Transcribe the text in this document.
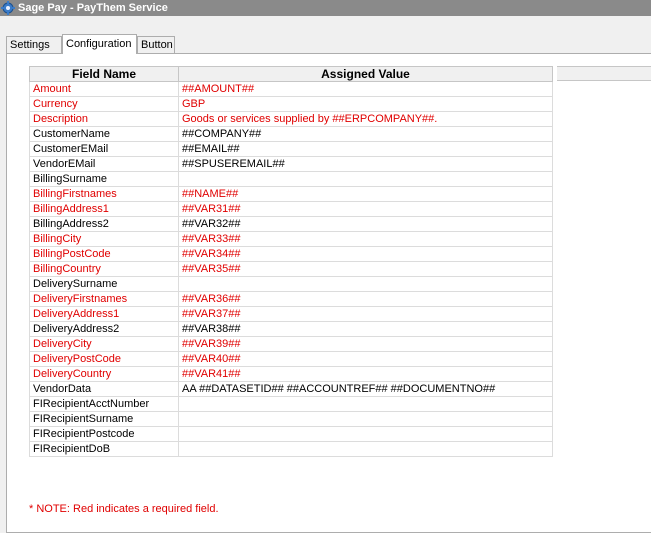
Sage Pay - PayThem Service
Settings	Configuration Button
Field Name	Assigned Value
Amount	##AMOUNT##
Currency	GBP
Description	Goods or services supplied by ##ERPCOMPANY##.
CustomerName	##COMPANY##
CustomerEMail	##EMAIL##
VendorEMail	##SPUSEREMAIL##
BillingSurname	
BillingFirstnames	##NAME##
BillingAddress1	##VAR31##
BillingAddress2	##VAR32##
BillingCity	##VAR33##
BillingPostCode	##VAR34##
BillingCountry	##VAR35##
DeliverySurname	
DeliveryFirstnames	##VAR36##
DeliveryAddress1	##VAR37##
DeliveryAddress2	##VAR38##
DeliveryCity	##VAR39##
DeliveryPostCode	##VAR40##
DeliveryCountry	##VAR41##
VendorData	AA ##DATASETID## ##ACCOUNTREF## ##DOCUMENTNO##
FIRecipientAcctNumber	
FIRecipientSurname	
FIRecipientPostcode	
FIRecipientDoB	
* NOTE: Red indicates a required field.
